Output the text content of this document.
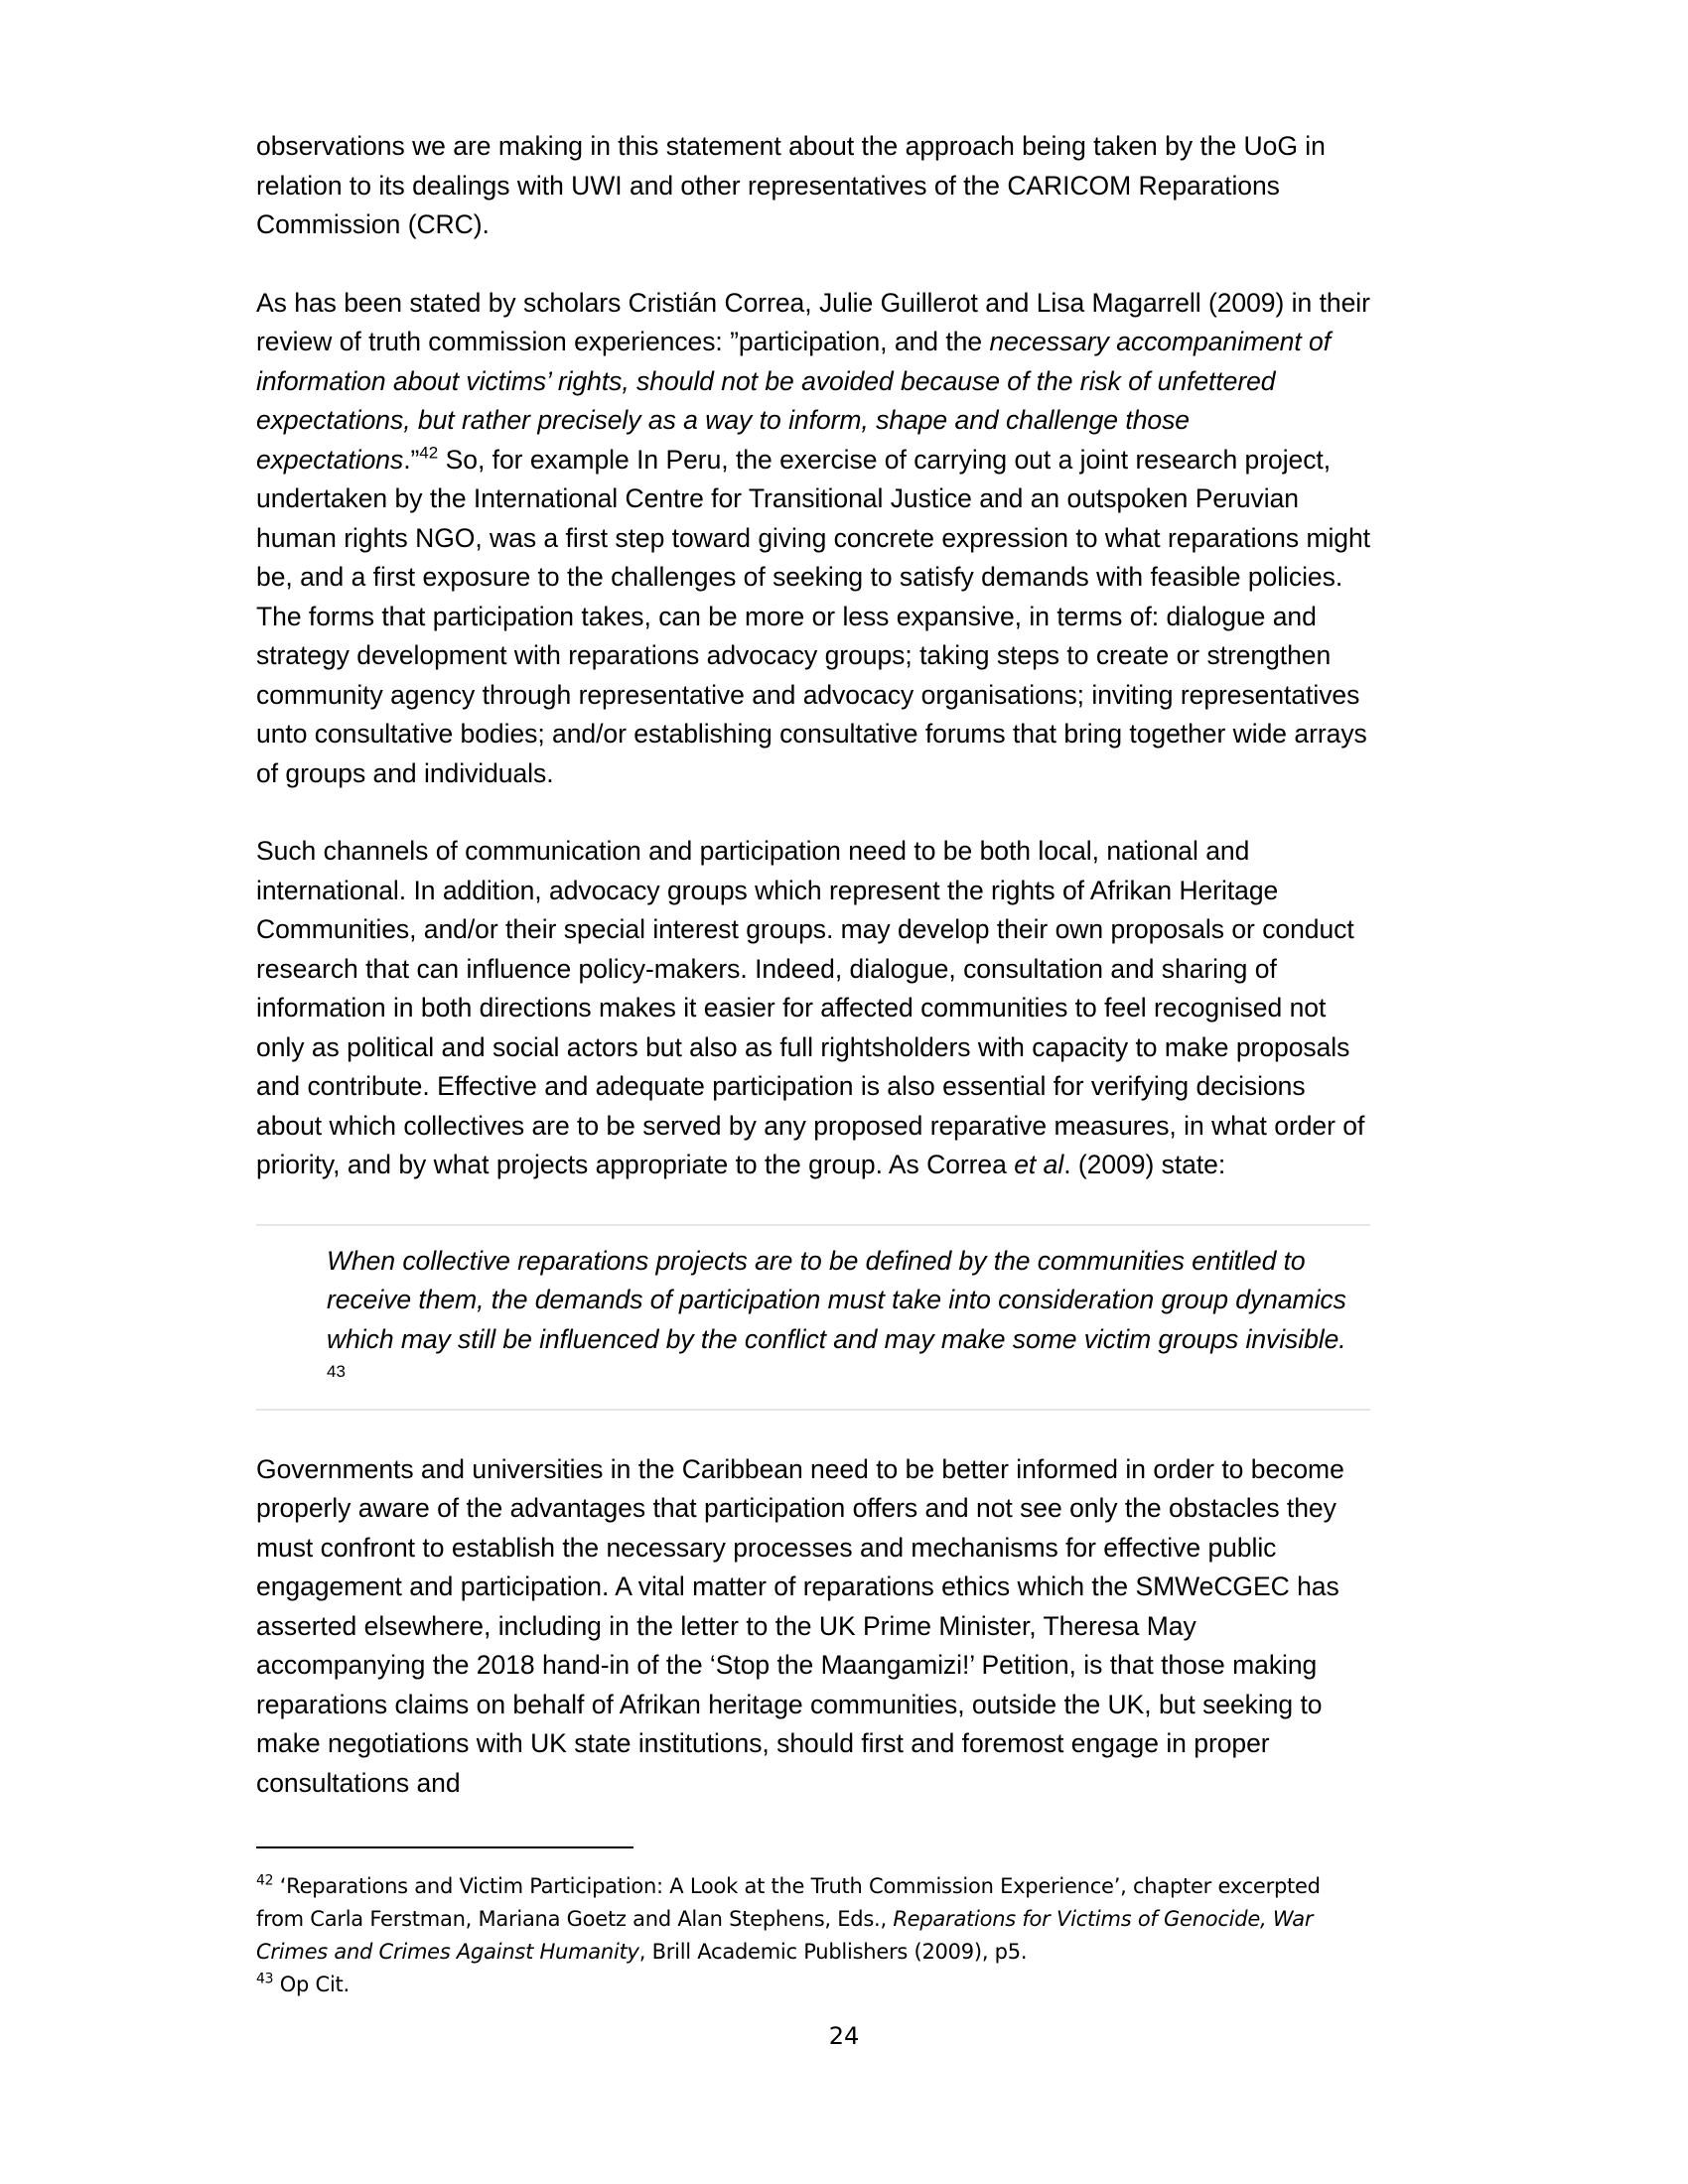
observations we are making in this statement about the approach being taken by the UoG in relation to its dealings with UWI and other representatives of the CARICOM Reparations Commission (CRC).

As has been stated by scholars Cristián Correa, Julie Guillerot and Lisa Magarrell (2009) in their review of truth commission experiences: ”participation, and the necessary accompaniment of information about victims’ rights, should not be avoided because of the risk of unfettered expectations, but rather precisely as a way to inform, shape and challenge those expectations.”$^{42}$ So, for example In Peru, the exercise of carrying out a joint research project, undertaken by the International Centre for Transitional Justice and an outspoken Peruvian human rights NGO, was a first step toward giving concrete expression to what reparations might be, and a first exposure to the challenges of seeking to satisfy demands with feasible policies. The forms that participation takes, can be more or less expansive, in terms of: dialogue and strategy development with reparations advocacy groups; taking steps to create or strengthen community agency through representative and advocacy organisations; inviting representatives unto consultative bodies; and/or establishing consultative forums that bring together wide arrays of groups and individuals.

Such channels of communication and participation need to be both local, national and international. In addition, advocacy groups which represent the rights of Afrikan Heritage Communities, and/or their special interest groups. may develop their own proposals or conduct research that can influence policy-makers. Indeed, dialogue, consultation and sharing of information in both directions makes it easier for affected communities to feel recognised not only as political and social actors but also as full rightsholders with capacity to make proposals and contribute. Effective and adequate participation is also essential for verifying decisions about which collectives are to be served by any proposed reparative measures, in what order of priority, and by what projects appropriate to the group. As Correa et al. (2009) state:

When collective reparations projects are to be defined by the communities entitled to receive them, the demands of participation must take into consideration group dynamics which may still be influenced by the conflict and may make some victim groups invisible. $^{43}$

Governments and universities in the Caribbean need to be better informed in order to become properly aware of the advantages that participation offers and not see only the obstacles they must confront to establish the necessary processes and mechanisms for effective public engagement and participation. A vital matter of reparations ethics which the SMWeCGEC has asserted elsewhere, including in the letter to the UK Prime Minister, Theresa May accompanying the 2018 hand-in of the ‘Stop the Maangamizi!’ Petition, is that those making reparations claims on behalf of Afrikan heritage communities, outside the UK, but seeking to make negotiations with UK state institutions, should first and foremost engage in proper consultations and

$^{42}$ ‘Reparations and Victim Participation: A Look at the Truth Commission Experience’, chapter excerpted from Carla Ferstman, Mariana Goetz and Alan Stephens, Eds., Reparations for Victims of Genocide, War Crimes and Crimes Against Humanity, Brill Academic Publishers (2009), p5.

$^{43}$ Op Cit.

24
